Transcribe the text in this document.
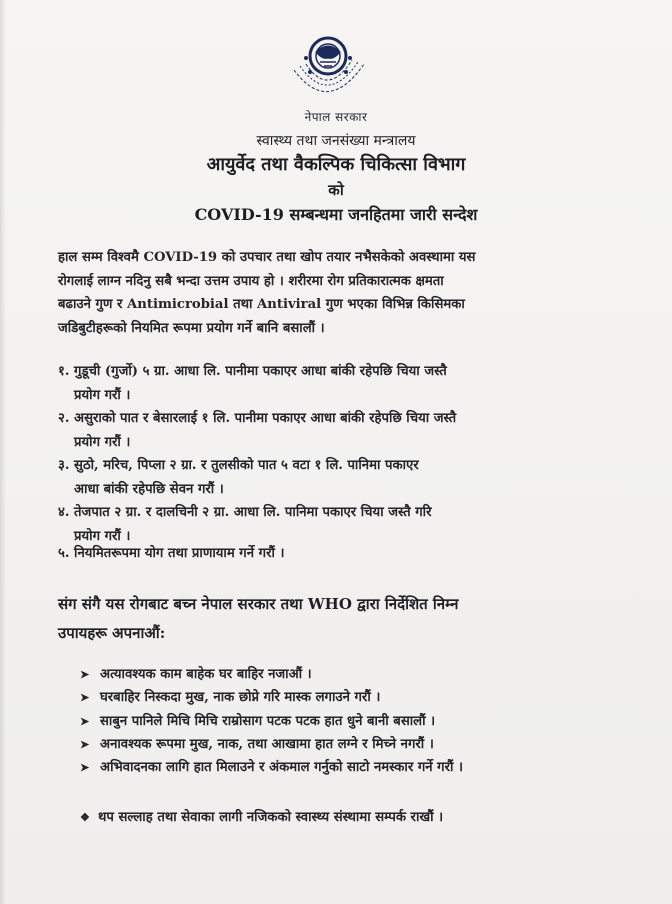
नेपाल सरकार
स्वास्थ्य तथा जनसंख्या मन्त्रालय
आयुर्वेद तथा वैकल्पिक चिकित्सा विभाग
को
COVID-19 सम्बन्धमा जनहितमा जारी सन्देश
हाल सम्म विश्वमै COVID-19 को उपचार तथा खोप तयार नभैसकेको अवस्थामा यस
रोगलाई लाग्न नदिनु सबै भन्दा उत्तम उपाय हो । शरीरमा रोग प्रतिकारात्मक क्षमता
बढाउने गुण र Antimicrobial तथा Antiviral गुण भएका विभिन्न किसिमका
जडिबुटीहरूको नियमित रूपमा प्रयोग गर्ने बानि बसालौं ।
१. गुडूची (गुर्जो) ५ ग्रा. आधा लि. पानीमा पकाएर आधा बांकी रहेपछि चिया जस्तै
प्रयोग गरौं ।
२. असुराको पात र बेसारलाई १ लि. पानीमा पकाएर आधा बांकी रहेपछि चिया जस्तै
प्रयोग गरौं ।
३. सुठो, मरिच, पिप्ला २ ग्रा. र तुलसीको पात ५ वटा १ लि. पानिमा पकाएर
आधा बांकी रहेपछि सेवन गरौं ।
४. तेजपात २ ग्रा. र दालचिनी २ ग्रा. आधा लि. पानिमा पकाएर चिया जस्तै गरि
प्रयोग गरौं ।
५. नियमितरूपमा योग तथा प्राणायाम गर्ने गरौं ।
संग संगै यस रोगबाट बच्न नेपाल सरकार तथा WHO द्वारा निर्देशित निम्न
उपायहरू अपनाऔं:
➤ अत्यावश्यक काम बाहेक घर बाहिर नजाऔं ।
➤ घरबाहिर निस्कदा मुख, नाक छोप्ने गरि मास्क लगाउने गरौं ।
➤ साबुन पानिले मिचि मिचि राम्रोसाग पटक पटक हात धुने बानी बसालौं ।
➤ अनावश्यक रूपमा मुख, नाक, तथा आखामा हात लग्ने र मिच्ने नगरौं ।
➤ अभिवादनका लागि हात मिलाउने र अंकमाल गर्नुको साटो नमस्कार गर्ने गरौं ।
❖ थप सल्लाह तथा सेवाका लागी नजिकको स्वास्थ्य संस्थामा सम्पर्क राखौं ।
